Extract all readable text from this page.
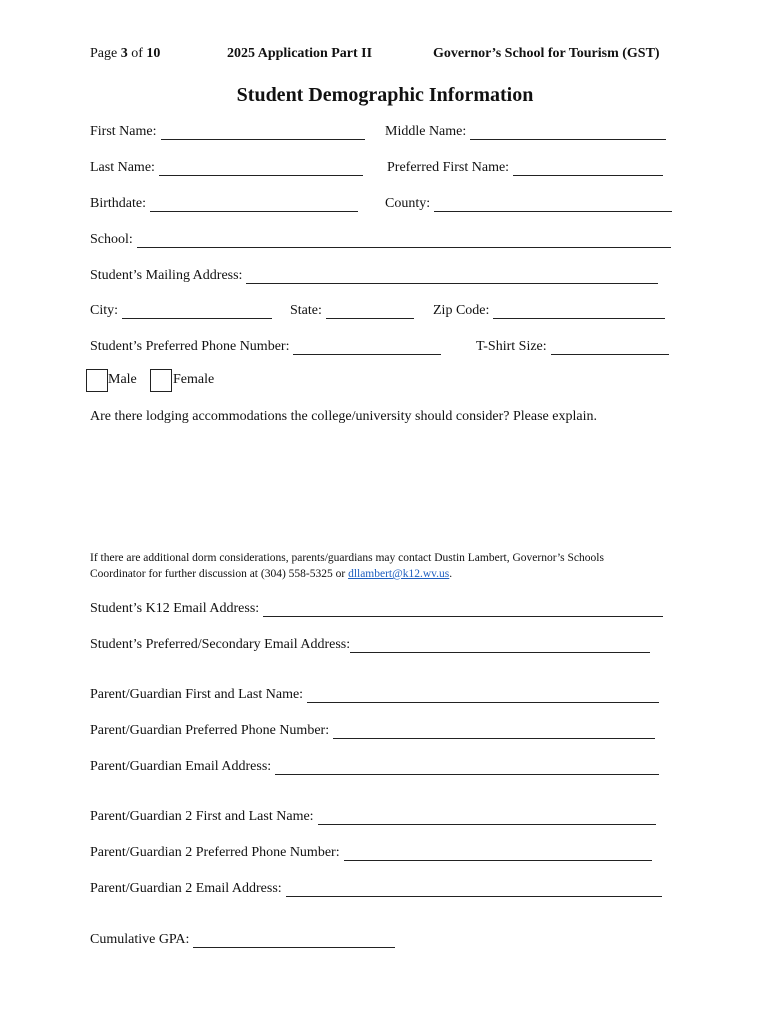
Page 3 of 10	2025 Application Part II	Governor’s School for Tourism (GST)
Student Demographic Information
First Name:	Middle Name:
Last Name:	Preferred First Name:
Birthdate:	County:
School:
Student’s Mailing Address:
City:	State:	Zip Code:
Student’s Preferred Phone Number:	T-Shirt Size:
Male	Female
Are there lodging accommodations the college/university should consider? Please explain.
If there are additional dorm considerations, parents/guardians may contact Dustin Lambert, Governor’s Schools
Coordinator for further discussion at (304) 558-5325 or dllambert@k12.wv.us.
Student’s K12 Email Address:
Student’s Preferred/Secondary Email Address:
Parent/Guardian First and Last Name:
Parent/Guardian Preferred Phone Number:
Parent/Guardian Email Address:
Parent/Guardian 2 First and Last Name:
Parent/Guardian 2 Preferred Phone Number:
Parent/Guardian 2 Email Address:
Cumulative GPA:
